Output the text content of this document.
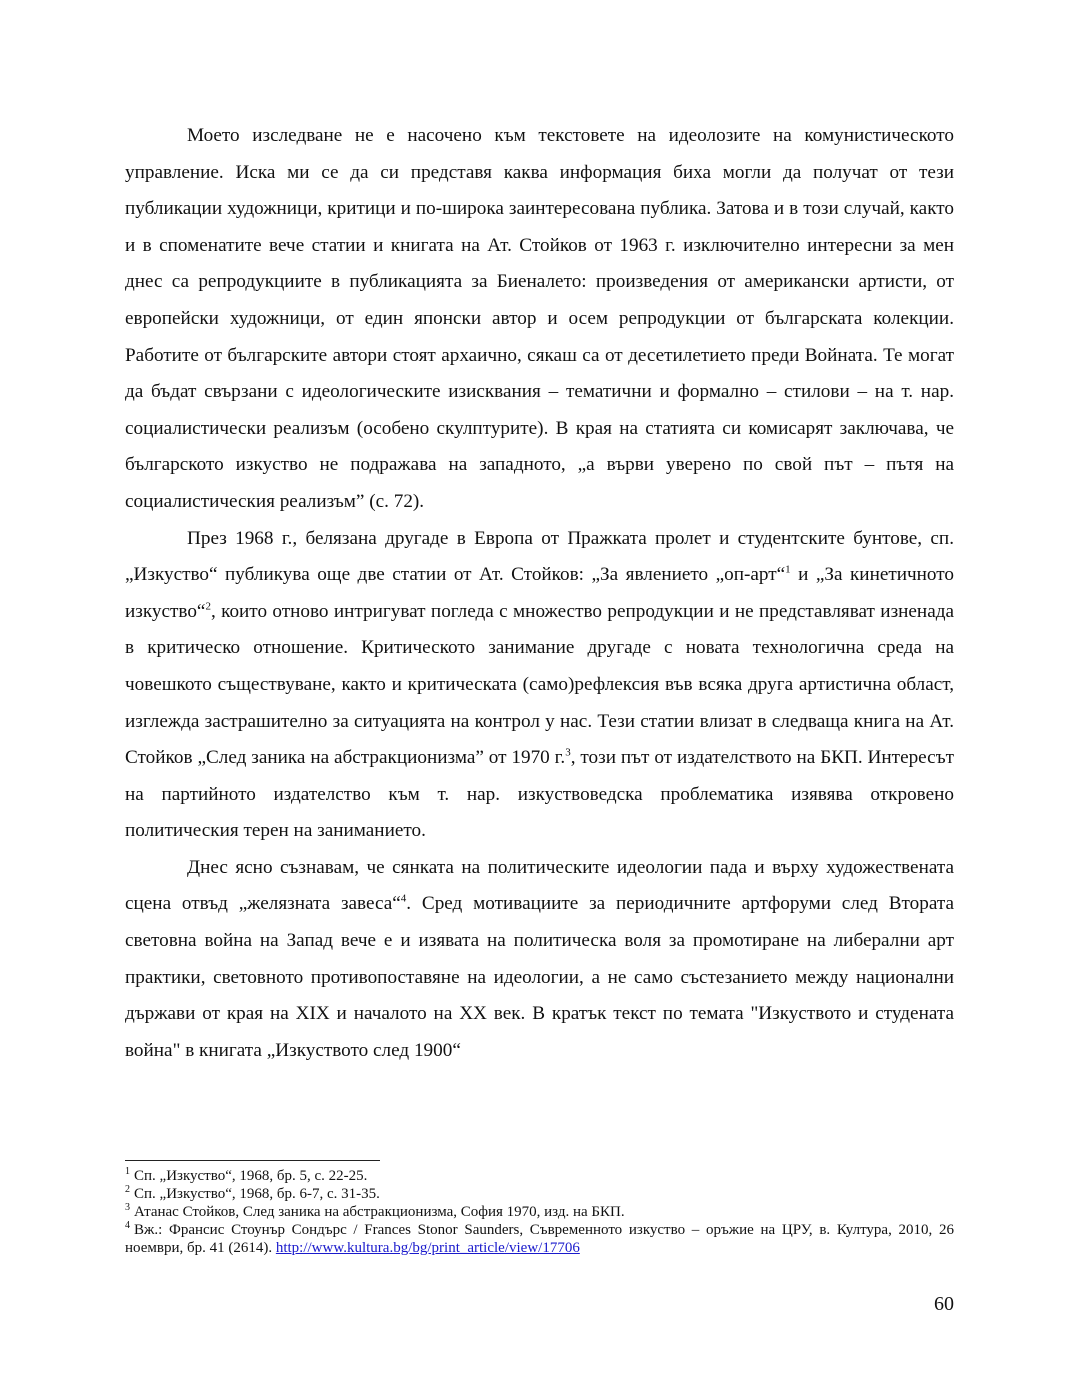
Моето изследване не е насочено към текстовете на идеолозите на комунистическото управление. Иска ми се да си представя каква информация биха могли да получат от тези публикации художници, критици и по-широка заинтересована публика. Затова и в този случай, както и в споменатите вече статии и книгата на Ат. Стойков от 1963 г. изключително интересни за мен днес са репродукциите в публикацията за Биеналето: произведения от американски артисти, от европейски художници, от един японски автор и осем репродукции от българската колекции. Работите от българските автори стоят архаично, сякаш са от десетилетието преди Войната. Те могат да бъдат свързани с идеологическите изисквания – тематични и формално – стилови – на т. нар. социалистически реализъм (особено скулптурите). В края на статията си комисарят заключава, че българското изкуство не подражава на западното, „а върви уверено по свой път – пътя на социалистическия реализъм” (с. 72).

През 1968 г., белязана другаде в Европа от Пражката пролет и студентските бунтове, сп. „Изкуство“ публикува още две статии от Ат. Стойков: „За явлението „оп-арт“$^1$ и „За кинетичното изкуство“$^2$, които отново интригуват погледа с множество репродукции и не представляват изненада в критическо отношение. Критическото занимание другаде с новата технологична среда на човешкото съществуване, както и критическата (само)рефлексия във всяка друга артистична област, изглежда застрашително за ситуацията на контрол у нас. Тези статии влизат в следваща книга на Ат. Стойков „След заника на абстракционизма” от 1970 г.$^3$, този път от издателството на БКП. Интересът на партийното издателство към т. нар. изкуствоведска проблематика изявява откровено политическия терен на заниманието.

Днес ясно съзнавам, че сянката на политическите идеологии пада и върху художествената сцена отвъд „желязната завеса“$^4$. Сред мотивациите за периодичните артфоруми след Втората световна война на Запад вече е и изявата на политическа воля за промотиране на либерални арт практики, световното противопоставяне на идеологии, а не само състезанието между национални държави от края на XIX и началото на XX век. В кратък текст по темата "Изкуството и студената война" в книгата „Изкуството след 1900“

$^1$ Сп. „Изкуство“, 1968, бр. 5, с. 22-25.

$^2$ Сп. „Изкуство“, 1968, бр. 6-7, с. 31-35.

$^3$ Атанас Стойков, След заника на абстракционизма, София 1970, изд. на БКП.

$^4$ Вж.: Франсис Стоунър Сондърс / Frances Stonor Saunders, Съвременното изкуство – оръжие на ЦРУ, в. Култура, 2010, 26 ноември, бр. 41 (2614). http://www.kultura.bg/bg/print_article/view/17706

60
